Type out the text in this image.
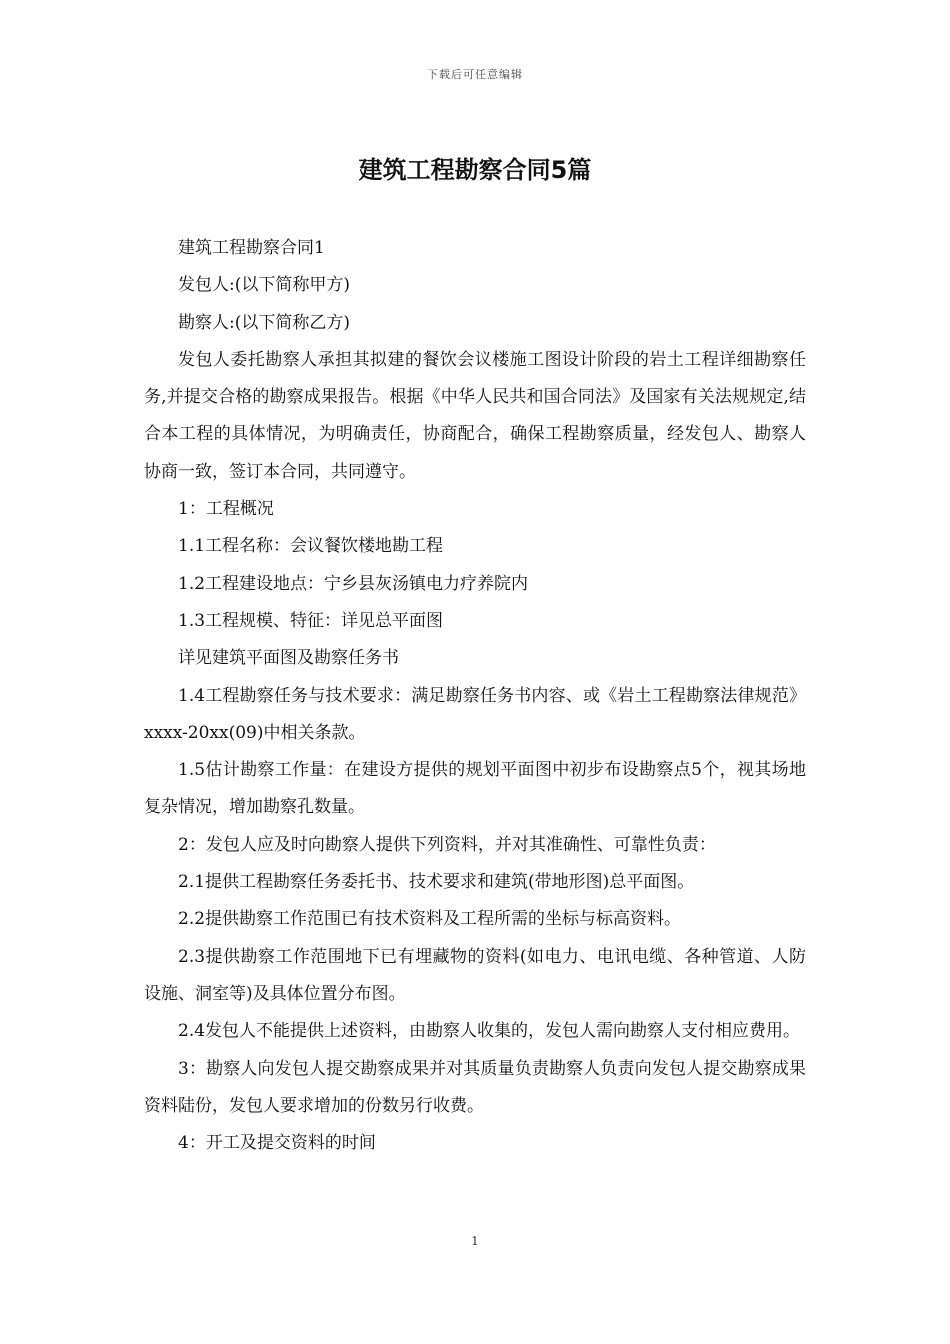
下载后可任意编辑
建筑工程勘察合同5篇

建筑工程勘察合同1

发包人:(以下简称甲方)

勘察人:(以下简称乙方)

发包人委托勘察人承担其拟建的餐饮会议楼施工图设计阶段的岩土工程详细勘察任务,并提交合格的勘察成果报告。根据《中华人民共和国合同法》及国家有关法规规定,结合本工程的具体情况，为明确责任，协商配合，确保工程勘察质量，经发包人、勘察人协商一致，签订本合同，共同遵守。

1：工程概况

1.1工程名称：会议餐饮楼地勘工程

1.2工程建设地点：宁乡县灰汤镇电力疗养院内

1.3工程规模、特征：详见总平面图

详见建筑平面图及勘察任务书

1.4工程勘察任务与技术要求：满足勘察任务书内容、或《岩土工程勘察法律规范》xxxx-20xx(09)中相关条款。

1.5估计勘察工作量：在建设方提供的规划平面图中初步布设勘察点5个，视其场地复杂情况，增加勘察孔数量。

2：发包人应及时向勘察人提供下列资料，并对其准确性、可靠性负责：

2.1提供工程勘察任务委托书、技术要求和建筑(带地形图)总平面图。

2.2提供勘察工作范围已有技术资料及工程所需的坐标与标高资料。

2.3提供勘察工作范围地下已有埋藏物的资料(如电力、电讯电缆、各种管道、人防设施、洞室等)及具体位置分布图。

2.4发包人不能提供上述资料，由勘察人收集的，发包人需向勘察人支付相应费用。

3：勘察人向发包人提交勘察成果并对其质量负责勘察人负责向发包人提交勘察成果资料陆份，发包人要求增加的份数另行收费。

4：开工及提交资料的时间

1
